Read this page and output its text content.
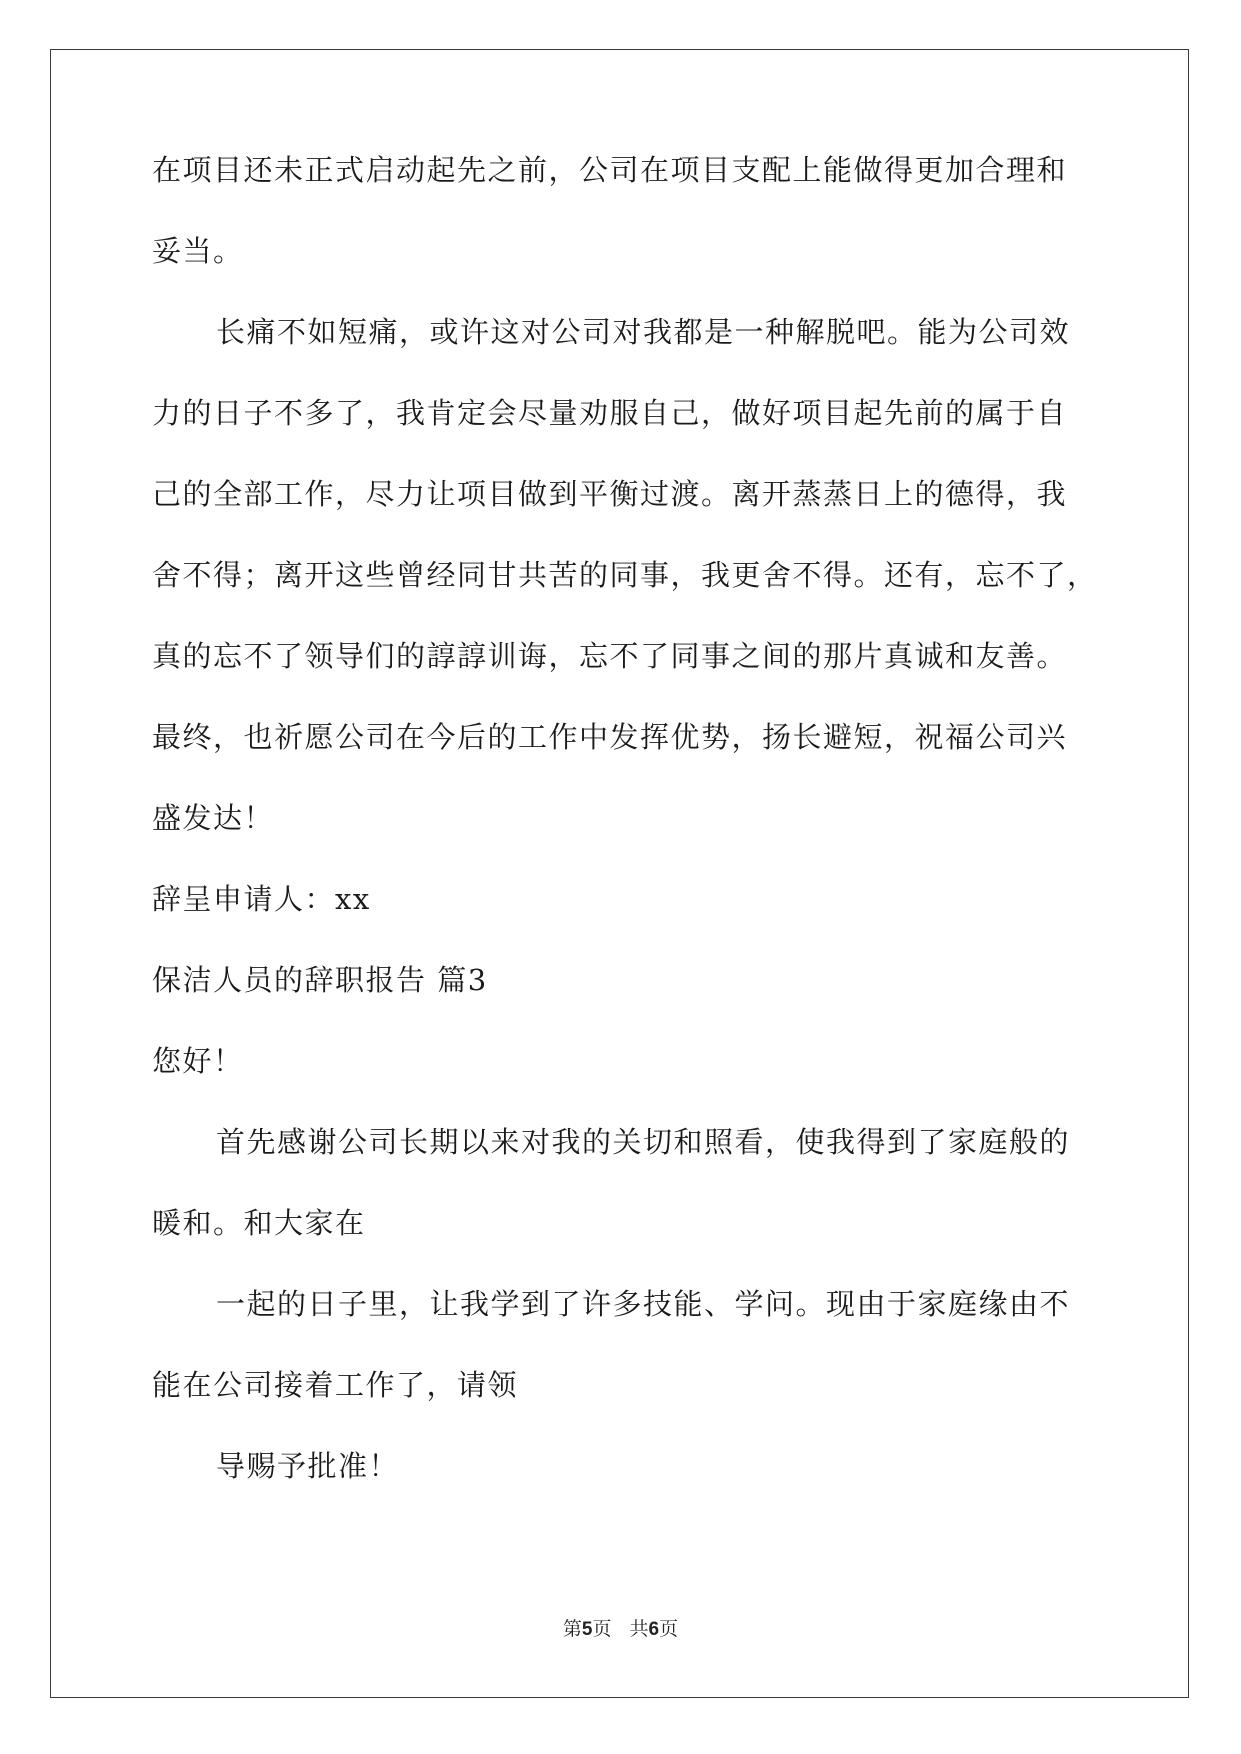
在项目还未正式启动起先之前，公司在项目支配上能做得更加合理和
妥当。
长痛不如短痛，或许这对公司对我都是一种解脱吧。能为公司效
力的日子不多了，我肯定会尽量劝服自己，做好项目起先前的属于自
己的全部工作，尽力让项目做到平衡过渡。离开蒸蒸日上的德得，我
舍不得；离开这些曾经同甘共苦的同事，我更舍不得。还有，忘不了，
真的忘不了领导们的諄諄训诲，忘不了同事之间的那片真诚和友善。
最终，也祈愿公司在今后的工作中发挥优势，扬长避短，祝福公司兴
盛发达！
辞呈申请人：xx
保洁人员的辞职报告 篇3
您好！
首先感谢公司长期以来对我的关切和照看，使我得到了家庭般的
暖和。和大家在
一起的日子里，让我学到了许多技能、学问。现由于家庭缘由不
能在公司接着工作了，请领
导赐予批准！
第5页 共6页
